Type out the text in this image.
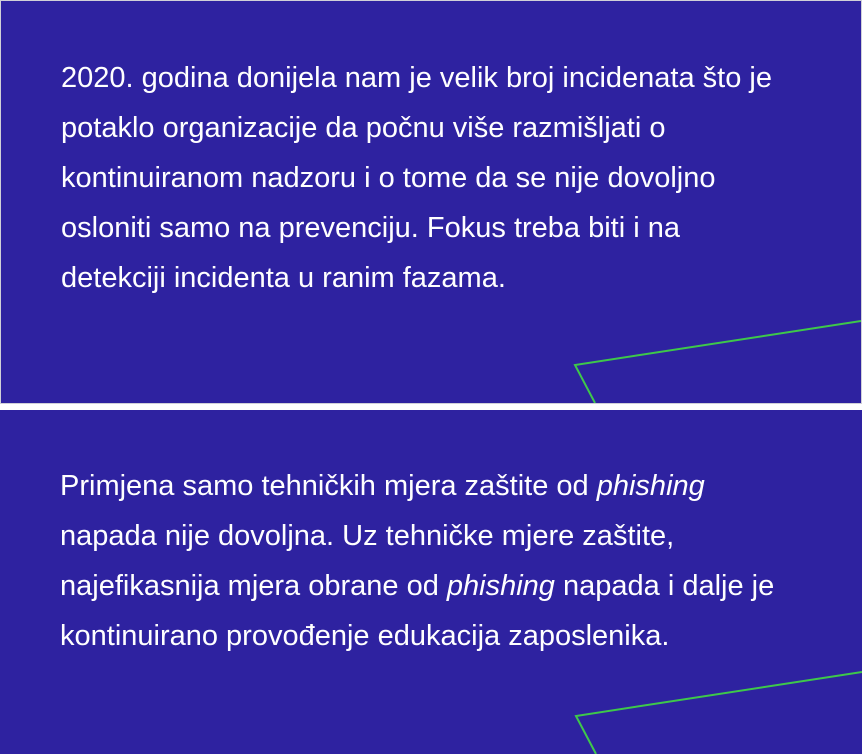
2020. godina donijela nam je velik broj incidenata što je potaklo organizacije da počnu više razmišljati o kontinuiranom nadzoru i o tome da se nije dovoljno osloniti samo na prevenciju. Fokus treba biti i na detekciji incidenta u ranim fazama.

Primjena samo tehničkih mjera zaštite od phishing napada nije dovoljna. Uz tehničke mjere zaštite, najefikasnija mjera obrane od phishing napada i dalje je kontinuirano provođenje edukacija zaposlenika.
